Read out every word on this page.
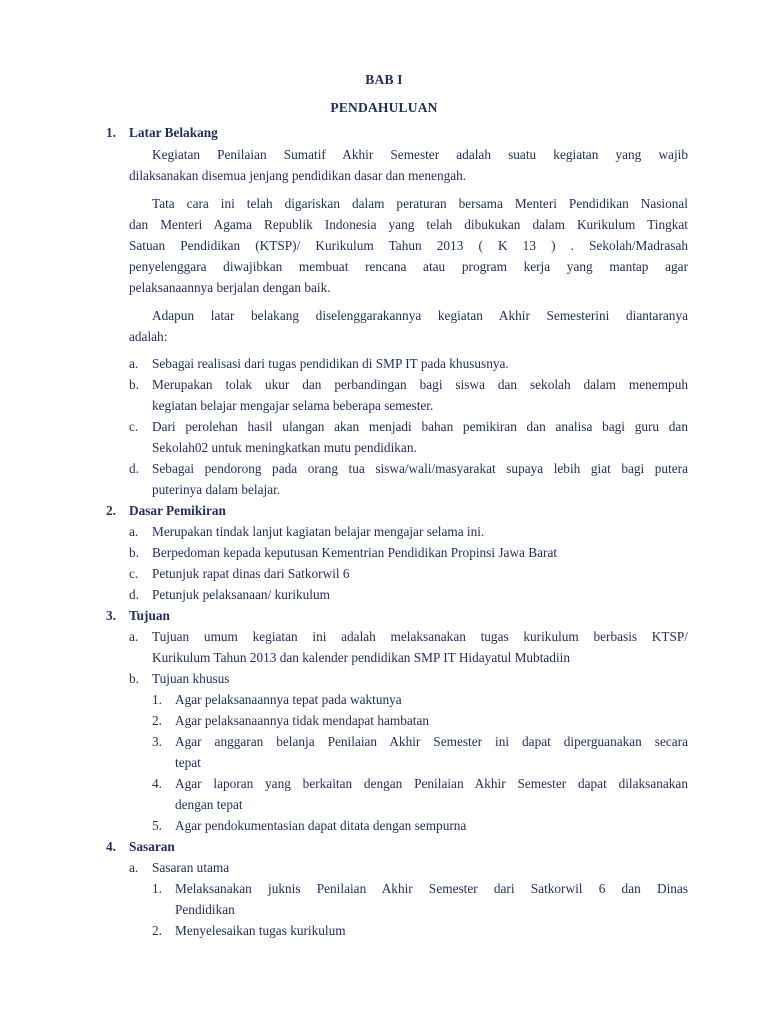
BAB I
PENDAHULUAN
1. Latar Belakang
Kegiatan Penilaian Sumatif Akhir Semester adalah suatu kegiatan yang wajib
dilaksanakan disemua jenjang pendidikan dasar dan menengah.
Tata cara ini telah digariskan dalam peraturan bersama Menteri Pendidikan Nasional
dan Menteri Agama Republik Indonesia yang telah dibukukan dalam Kurikulum Tingkat
Satuan Pendidikan (KTSP)/ Kurikulum Tahun 2013 ( K 13 ) . Sekolah/Madrasah
penyelenggara diwajibkan membuat rencana atau program kerja yang mantap agar
pelaksanaannya berjalan dengan baik.
Adapun latar belakang diselenggarakannya kegiatan Akhir Semesterini diantaranya
adalah:
a. Sebagai realisasi dari tugas pendidikan di SMP IT pada khususnya.
b. Merupakan tolak ukur dan perbandingan bagi siswa dan sekolah dalam menempuh
kegiatan belajar mengajar selama beberapa semester.
c. Dari perolehan hasil ulangan akan menjadi bahan pemikiran dan analisa bagi guru dan
Sekolah02 untuk meningkatkan mutu pendidikan.
d. Sebagai pendorong pada orang tua siswa/wali/masyarakat supaya lebih giat bagi putera
puterinya dalam belajar.
2. Dasar Pemikiran
a. Merupakan tindak lanjut kagiatan belajar mengajar selama ini.
b. Berpedoman kepada keputusan Kementrian Pendidikan Propinsi Jawa Barat
c. Petunjuk rapat dinas dari Satkorwil 6
d. Petunjuk pelaksanaan/ kurikulum
3. Tujuan
a. Tujuan umum kegiatan ini adalah melaksanakan tugas kurikulum berbasis KTSP/
Kurikulum Tahun 2013 dan kalender pendidikan SMP IT Hidayatul Mubtadiin
b. Tujuan khusus
1. Agar pelaksanaannya tepat pada waktunya
2. Agar pelaksanaannya tidak mendapat hambatan
3. Agar anggaran belanja Penilaian Akhir Semester ini dapat diperguanakan secara
tepat
4. Agar laporan yang berkaitan dengan Penilaian Akhir Semester dapat dilaksanakan
dengan tepat
5. Agar pendokumentasian dapat ditata dengan sempurna
4. Sasaran
a. Sasaran utama
1. Melaksanakan juknis Penilaian Akhir Semester dari Satkorwil 6 dan Dinas
Pendidikan
2. Menyelesaikan tugas kurikulum
